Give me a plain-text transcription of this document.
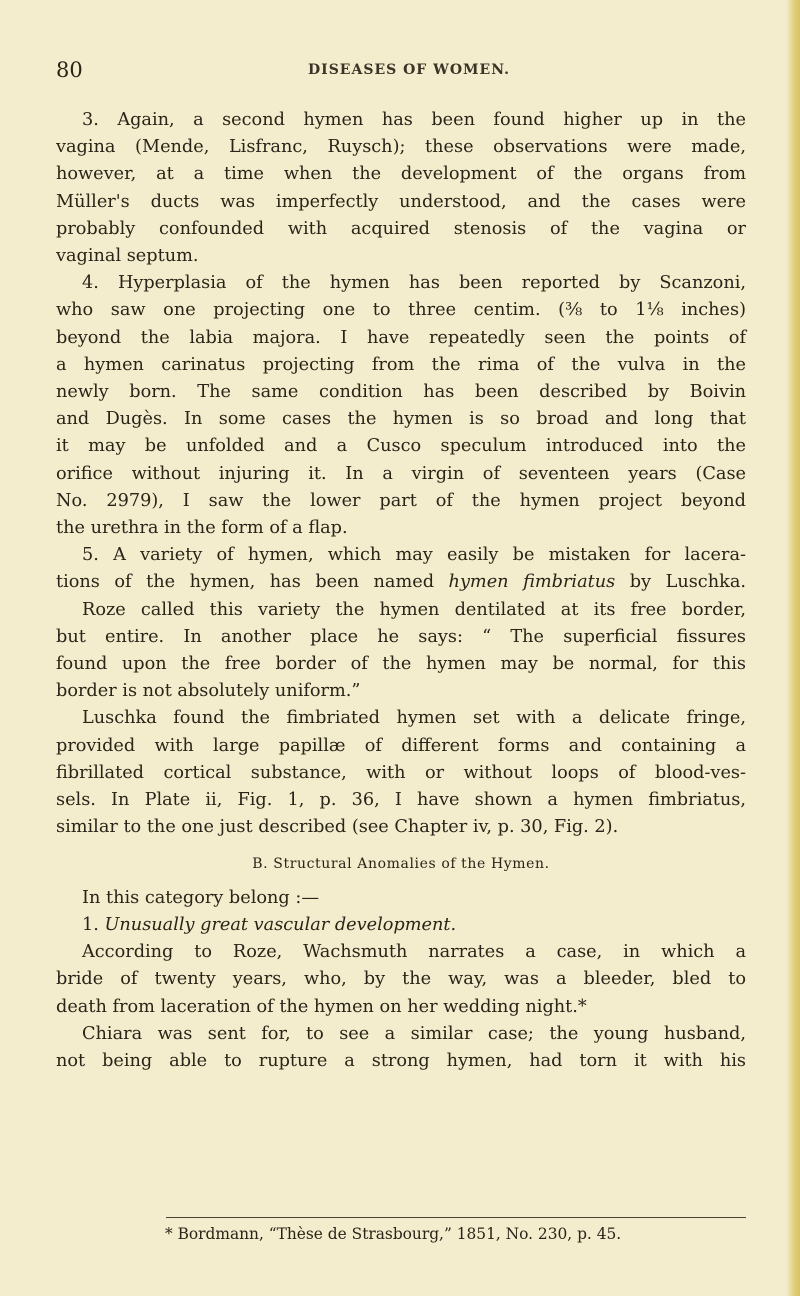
80	DISEASES OF WOMEN.
3. Again, a second hymen has been found higher up in the
vagina (Mende, Lisfranc, Ruysch); these observations were made,
however, at a time when the development of the organs from
Müller's ducts was imperfectly understood, and the cases were
probably confounded with acquired stenosis of the vagina or
vaginal septum.
4. Hyperplasia of the hymen has been reported by Scanzoni,
who saw one projecting one to three centim. (⅜ to 1⅛ inches)
beyond the labia majora. I have repeatedly seen the points of
a hymen carinatus projecting from the rima of the vulva in the
newly born. The same condition has been described by Boivin
and Dugès. In some cases the hymen is so broad and long that
it may be unfolded and a Cusco speculum introduced into the
orifice without injuring it. In a virgin of seventeen years (Case
No. 2979), I saw the lower part of the hymen project beyond
the urethra in the form of a flap.
5. A variety of hymen, which may easily be mistaken for lacera-
tions of the hymen, has been named hymen fimbriatus by Luschka.
Roze called this variety the hymen dentilated at its free border,
but entire. In another place he says: “ The superficial fissures
found upon the free border of the hymen may be normal, for this
border is not absolutely uniform.”
Luschka found the fimbriated hymen set with a delicate fringe,
provided with large papillæ of different forms and containing a
fibrillated cortical substance, with or without loops of blood-ves-
sels. In Plate ii, Fig. 1, p. 36, I have shown a hymen fimbriatus,
similar to the one just described (see Chapter iv, p. 30, Fig. 2).
B. Structural Anomalies of the Hymen.
In this category belong :—
1. Unusually great vascular development.
According to Roze, Wachsmuth narrates a case, in which a
bride of twenty years, who, by the way, was a bleeder, bled to
death from laceration of the hymen on her wedding night.*
Chiara was sent for, to see a similar case; the young husband,
not being able to rupture a strong hymen, had torn it with his
* Bordmann, “Thèse de Strasbourg,” 1851, No. 230, p. 45.
